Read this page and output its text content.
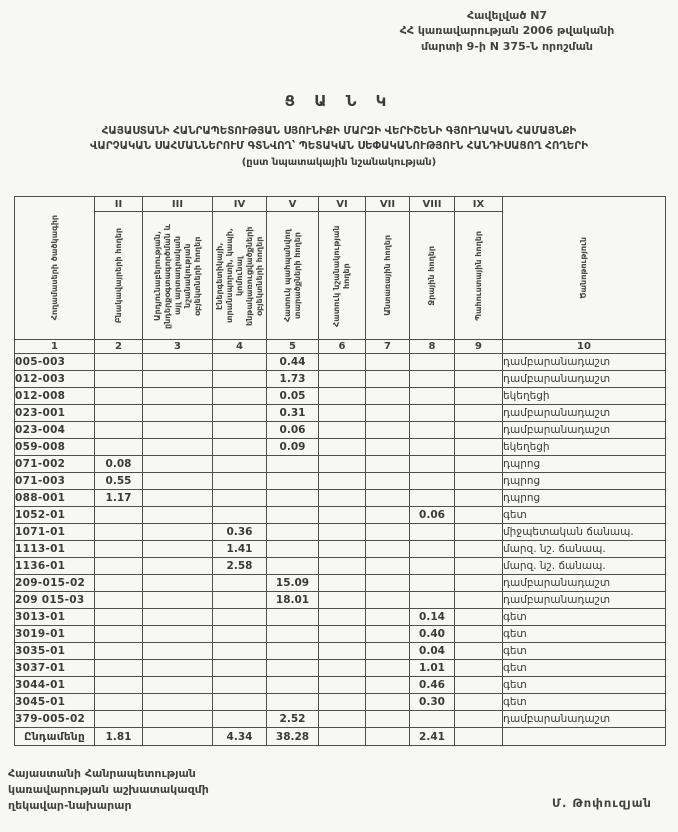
Հավելված N7
ՀՀ կառավարության 2006 թվականի
մարտի 9-ի N 375-Ն որոշման
Ց Ա Ն Կ
ՀԱՅԱՍՏԱՆԻ ՀԱՆՐԱՊԵՏՈՒԹՅԱՆ ՍՅՈՒՆԻՔԻ ՄԱՐԶԻ ՎԵՐԻՇԵՆԻ ԳՅՈՒՂԱԿԱՆ ՀԱՄԱՅՆՔԻ
ՎԱՐՉԱԿԱՆ ՍԱՀՄԱՆՆԵՐՈՒՄ ԳՏՆՎՈՂ՝ ՊԵՏԱԿԱՆ ՍԵՓԱԿԱՆՈՒԹՅՈՒՆ ՀԱՆԴԻՍԱՑՈՂ ՀՈՂԵՐԻ
(ըստ նպատակային նշանակության)
Հողամասերի ծածկագիր

II
Բնակավայրերի հողեր

III
Արդյունաբերության, ընդերքօգտագործման և այլ արտադրական նշանակության օբյեկտների հողեր

IV
Էներգետիկայի, տրանսպորտի, կապի, կոմունալ ենթակառուցվածքների օբյեկտների հողեր

V
Հատուկ պահպանվող տարածքների հողեր

VI
Հատուկ նշանակության հողեր

VII
Անտառային հողեր

VIII
Ջրային հողեր

IX
Պահուստային հողեր	Ծանոթություն

1	2	3	4	5	6	7	8	9	10
005-003				0.44					դամբարանադաշտ
012-003				1.73					դամբարանադաշտ
012-008				0.05					եկեղեցի
023-001				0.31					դամբարանադաշտ
023-004				0.06					դամբարանադաշտ
059-008				0.09					եկեղեցի
071-002	0.08								դպրոց
071-003	0.55								դպրոց
088-001	1.17								դպրոց
1052-01							0.06		գետ
1071-01			0.36						միջպետական ճանապ.
1113-01			1.41						մարզ. նշ. ճանապ.
1136-01			2.58						մարզ. նշ. ճանապ.
209-015-02				15.09					դամբարանադաշտ
209 015-03				18.01					դամբարանադաշտ
3013-01							0.14		գետ
3019-01							0.40		գետ
3035-01							0.04		գետ
3037-01							1.01		գետ
3044-01							0.46		գետ
3045-01							0.30		գետ
379-005-02				2.52					դամբարանադաշտ
Ընդամենը	1.81		4.34	38.28			2.41		
Հայաստանի Հանրապետության
կառավարության աշխատակազմի
ղեկավար-նախարար	Մ. Թոփուզյան
